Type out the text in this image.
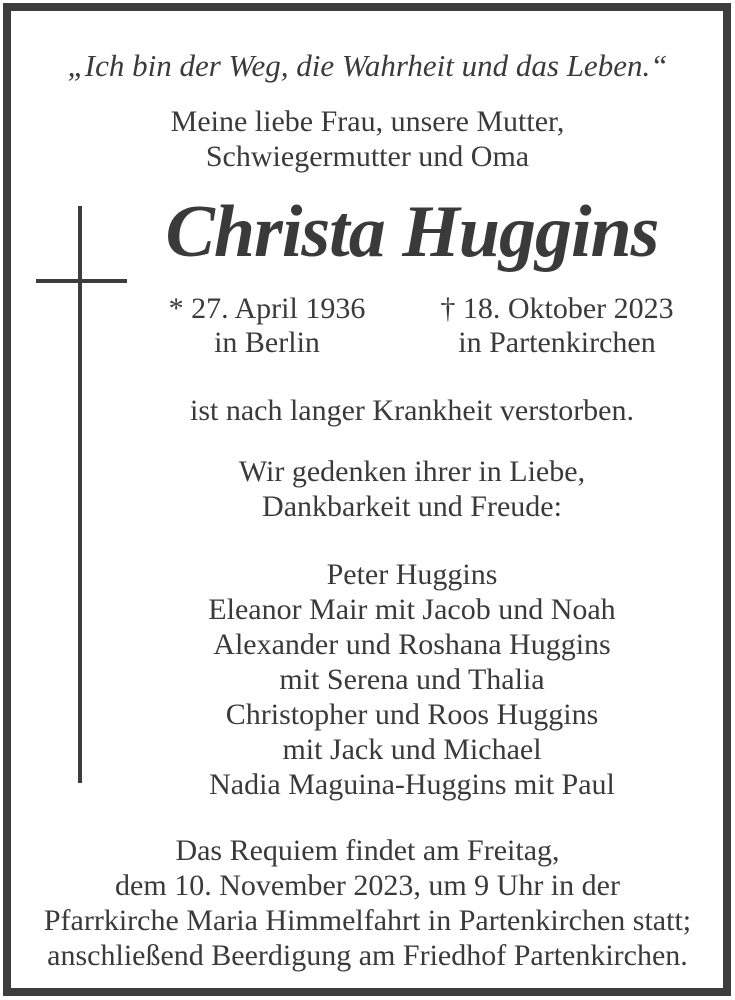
„Ich bin der Weg, die Wahrheit und das Leben.“
Meine liebe Frau, unsere Mutter,
Schwiegermutter und Oma
Christa Huggins
* 27. April 1936
in Berlin
† 18. Oktober 2023
in Partenkirchen
ist nach langer Krankheit verstorben.
Wir gedenken ihrer in Liebe,
Dankbarkeit und Freude:
Peter Huggins
Eleanor Mair mit Jacob und Noah
Alexander und Roshana Huggins
mit Serena und Thalia
Christopher und Roos Huggins
mit Jack und Michael
Nadia Maguina-Huggins mit Paul
Das Requiem findet am Freitag,
dem 10. November 2023, um 9 Uhr in der
Pfarrkirche Maria Himmelfahrt in Partenkirchen statt;
anschließend Beerdigung am Friedhof Partenkirchen.
